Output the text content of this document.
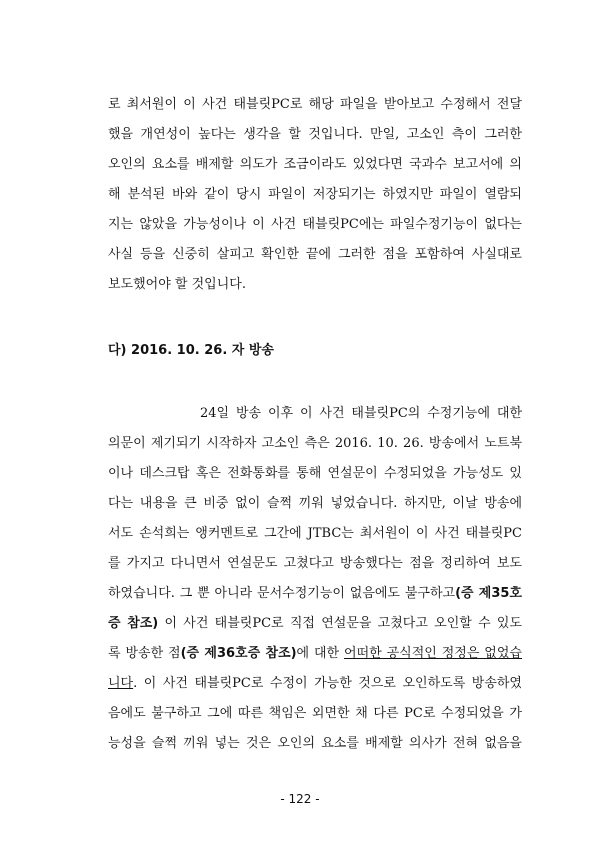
로 최서원이 이 사건 태블릿PC로 해당 파일을 받아보고 수정해서 전달
했을 개연성이 높다는 생각을 할 것입니다. 만일, 고소인 측이 그러한
오인의 요소를 배제할 의도가 조금이라도 있었다면 국과수 보고서에 의
해 분석된 바와 같이 당시 파일이 저장되기는 하였지만 파일이 열람되
지는 않았을 가능성이나 이 사건 태블릿PC에는 파일수정기능이 없다는
사실 등을 신중히 살피고 확인한 끝에 그러한 점을 포함하여 사실대로
보도했어야 할 것입니다.
다) 2016. 10. 26. 자 방송
24일 방송 이후 이 사건 태블릿PC의 수정기능에 대한
의문이 제기되기 시작하자 고소인 측은 2016. 10. 26. 방송에서 노트북
이나 데스크탑 혹은 전화통화를 통해 연설문이 수정되었을 가능성도 있
다는 내용을 큰 비중 없이 슬쩍 끼워 넣었습니다. 하지만, 이날 방송에
서도 손석희는 앵커멘트로 그간에 JTBC는 최서원이 이 사건 태블릿PC
를 가지고 다니면서 연설문도 고쳤다고 방송했다는 점을 정리하여 보도
하였습니다. 그 뿐 아니라 문서수정기능이 없음에도 불구하고(증 제35호
증 참조) 이 사건 태블릿PC로 직접 연설문을 고쳤다고 오인할 수 있도
록 방송한 점(증 제36호증 참조)에 대한 어떠한 공식적인 정정은 없었습
니다. 이 사건 태블릿PC로 수정이 가능한 것으로 오인하도록 방송하였
음에도 불구하고 그에 따른 책임은 외면한 채 다른 PC로 수정되었을 가
능성을 슬쩍 끼워 넣는 것은 오인의 요소를 배제할 의사가 전혀 없음을
- 122 -
